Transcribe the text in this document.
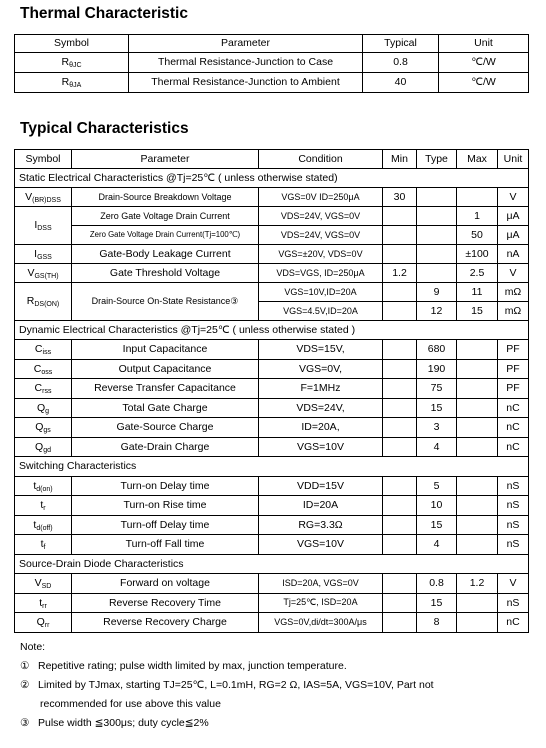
Thermal Characteristic
Symbol	Parameter	Typical	Unit
$R_{\theta JC}$	Thermal Resistance-Junction to Case	0.8	℃/W
$R_{\theta JA}$	Thermal Resistance-Junction to Ambient	40	℃/W
Typical Characteristics
Symbol	Parameter	Condition	Min	Type	Max	Unit
Static Electrical Characteristics @Tj=25℃ ( unless otherwise stated)						
$V_{(BR)DSS}$	Drain-Source Breakdown Voltage	VGS=0V ID=250μA	30			V
$I_{DSS}$	Zero Gate Voltage Drain Current	VDS=24V, VGS=0V			1	μA
	Zero Gate Voltage Drain Current(Tj=100℃)	VDS=24V, VGS=0V			50	μA
$I_{GSS}$	Gate-Body Leakage Current	VGS=±20V, VDS=0V			±100	nA
$V_{GS(TH)}$	Gate Threshold Voltage	VDS=VGS, ID=250μA	1.2		2.5	V
$R_{DS(ON)}$	Drain-Source On-State Resistance③	VGS=10V,ID=20A		9	11	mΩ
		VGS=4.5V,ID=20A		12	15	mΩ
Dynamic Electrical Characteristics @Tj=25℃ ( unless otherwise stated )						
$C_{iss}$	Input Capacitance	VDS=15V,		680		PF
$C_{oss}$	Output Capacitance	VGS=0V,		190		PF
$C_{rss}$	Reverse Transfer Capacitance	F=1MHz		75		PF
$Q_g$	Total Gate Charge	VDS=24V,		15		nC
$Q_{gs}$	Gate-Source Charge	ID=20A,		3		nC
$Q_{gd}$	Gate-Drain Charge	VGS=10V		4		nC
Switching Characteristics						
$t_{d(on)}$	Turn-on Delay time	VDD=15V		5		nS
$t_r$	Turn-on Rise time	ID=20A		10		nS
$t_{d(off)}$	Turn-off Delay time	RG=3.3Ω		15		nS
$t_f$	Turn-off Fall time	VGS=10V		4		nS
Source-Drain Diode Characteristics						
$V_{SD}$	Forward on voltage	ISD=20A, VGS=0V		0.8	1.2	V
$t_{rr}$	Reverse Recovery Time	Tj=25℃, ISD=20A		15		nS
$Q_{rr}$	Reverse Recovery Charge	VGS=0V,di/dt=300A/μs		8		nC
Note:
① Repetitive rating; pulse width limited by max, junction temperature.
② Limited by TJmax, starting TJ=25℃, L=0.1mH, RG=2 Ω, IAS=5A, VGS=10V, Part not
recommended for use above this value
③ Pulse width ≦300μs; duty cycle≦2%
